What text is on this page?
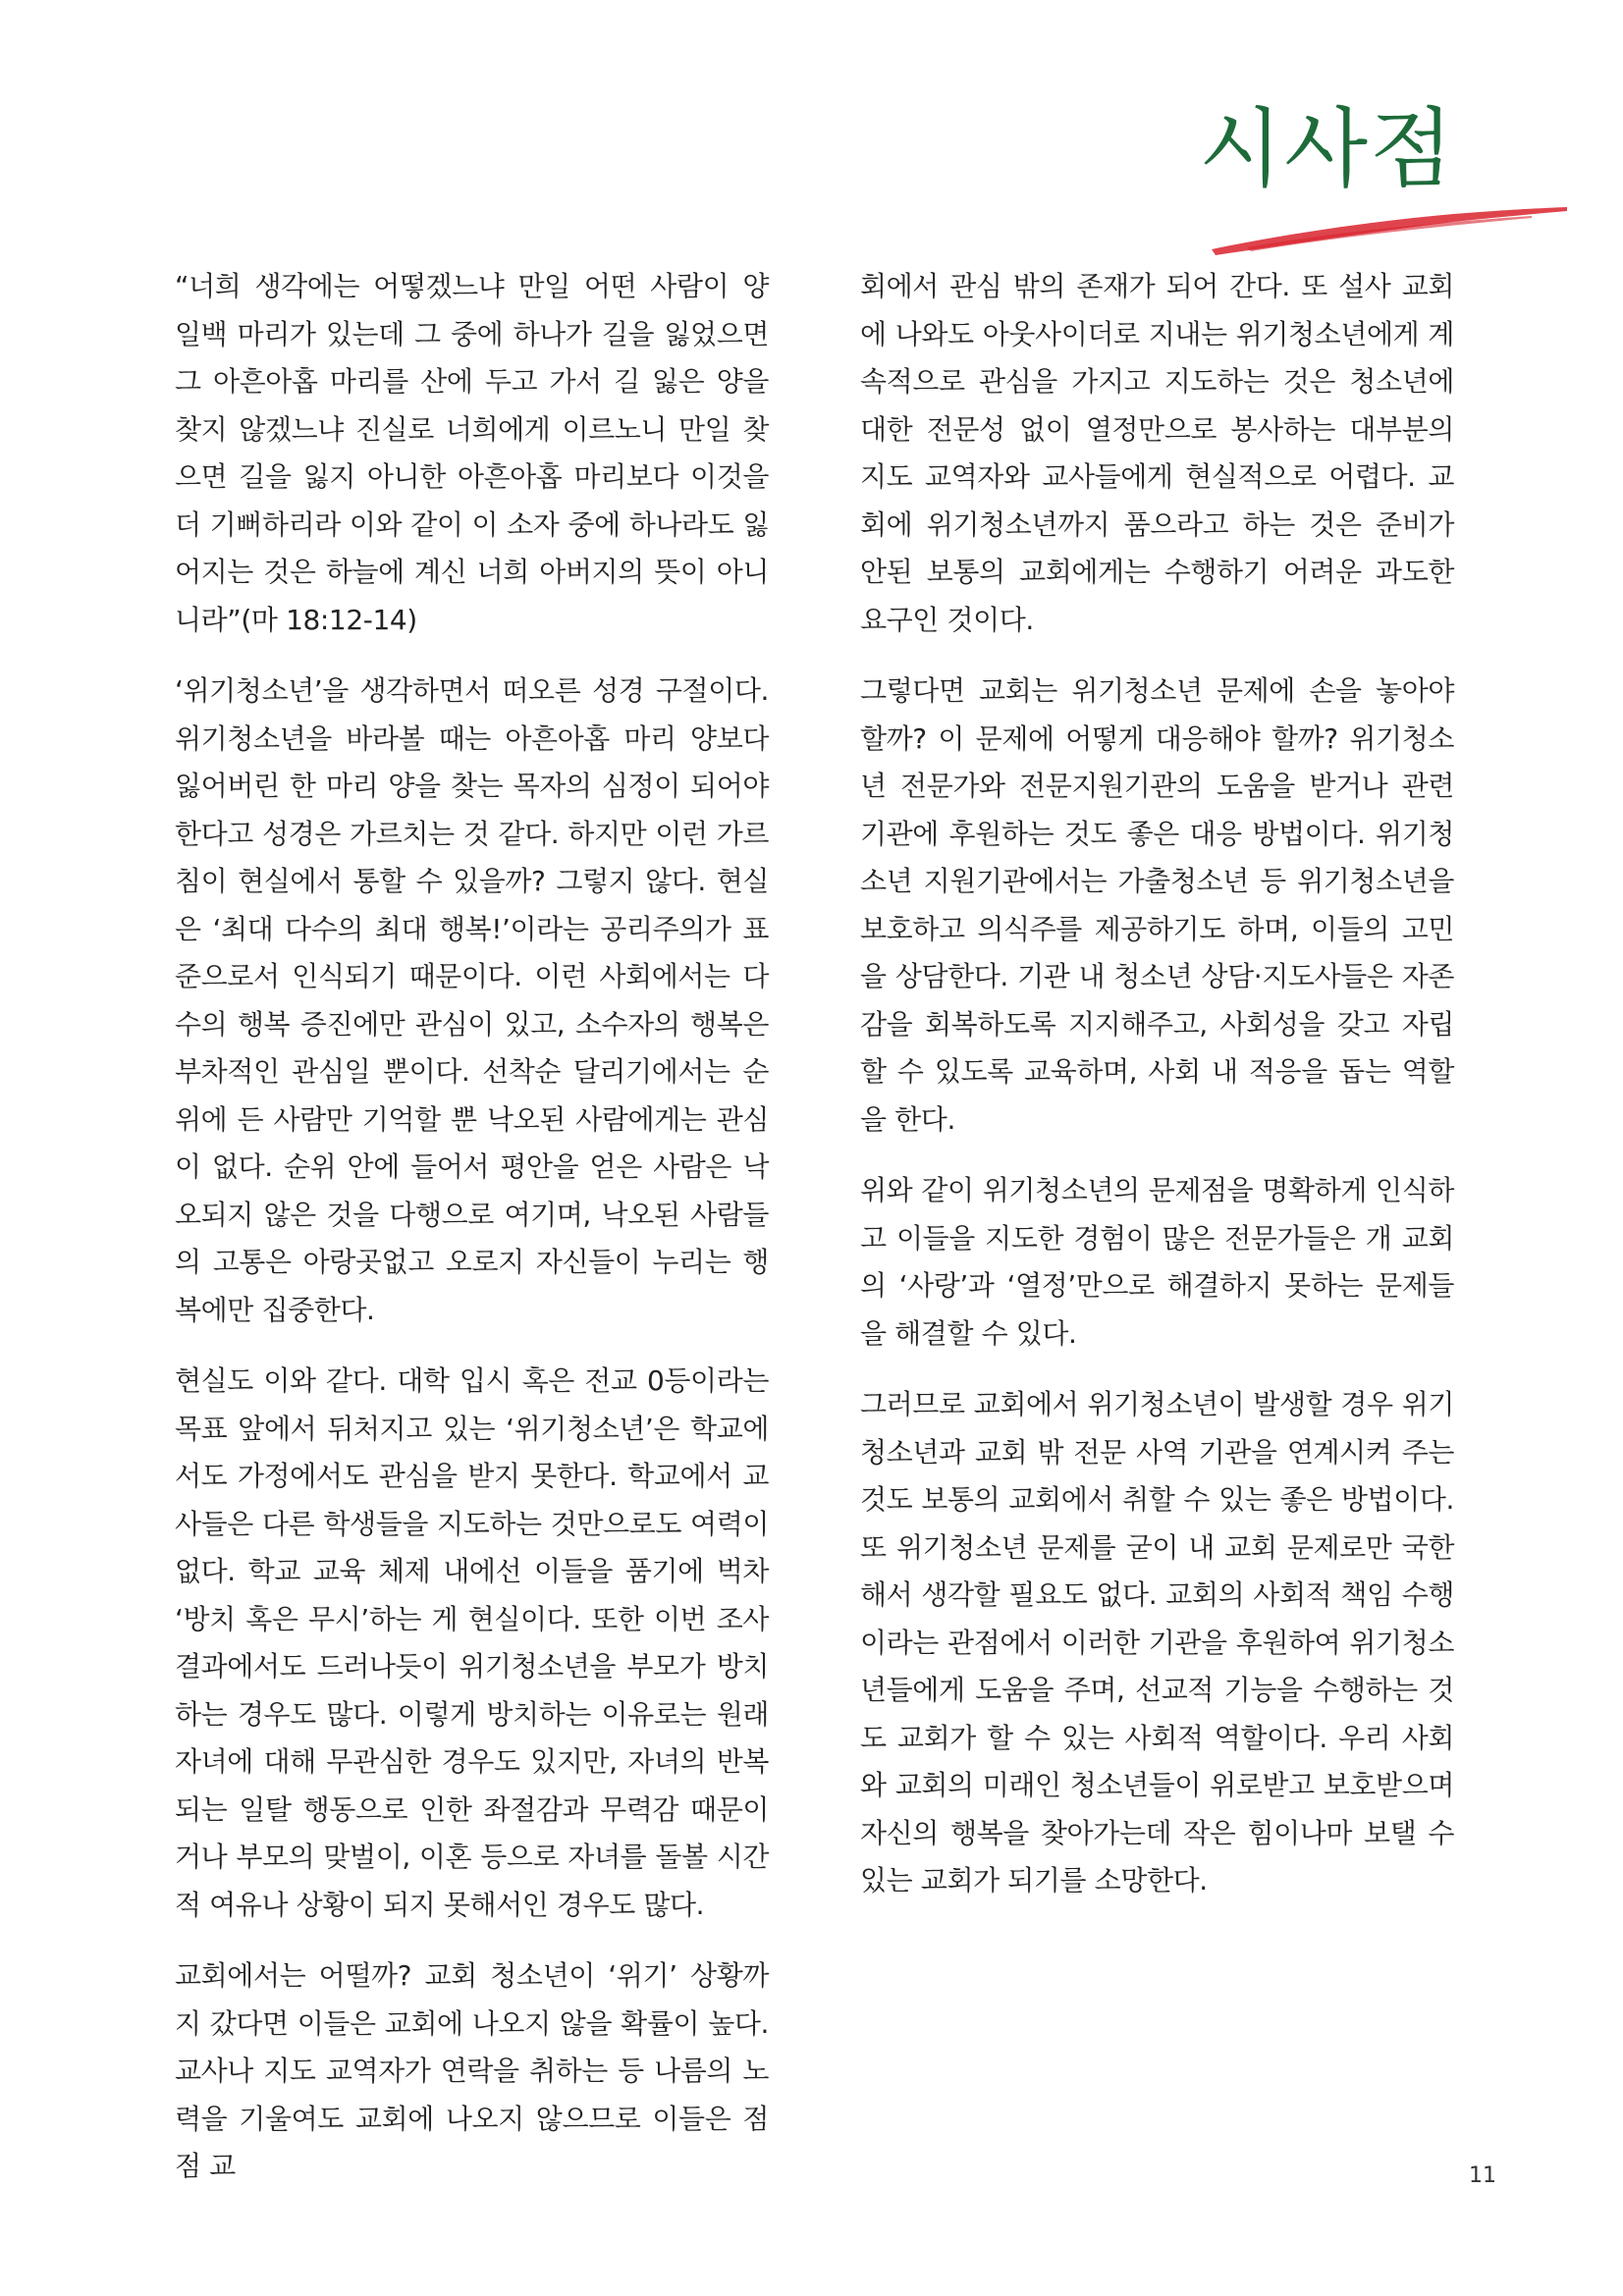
시사점

“너희 생각에는 어떻겠느냐 만일 어떤 사람이 양 일백 마리가 있는데 그 중에 하나가 길을 잃었으면 그 아흔아홉 마리를 산에 두고 가서 길 잃은 양을 찾지 않겠느냐 진실로 너희에게 이르노니 만일 찾으면 길을 잃지 아니한 아흔아홉 마리보다 이것을 더 기뻐하리라 이와 같이 이 소자 중에 하나라도 잃어지는 것은 하늘에 계신 너희 아버지의 뜻이 아니니라”(마 18:12-14)

‘위기청소년’을 생각하면서 떠오른 성경 구절이다. 위기청소년을 바라볼 때는 아흔아홉 마리 양보다 잃어버린 한 마리 양을 찾는 목자의 심정이 되어야 한다고 성경은 가르치는 것 같다. 하지만 이런 가르침이 현실에서 통할 수 있을까? 그렇지 않다. 현실은 ‘최대 다수의 최대 행복!’이라는 공리주의가 표준으로서 인식되기 때문이다. 이런 사회에서는 다수의 행복 증진에만 관심이 있고, 소수자의 행복은 부차적인 관심일 뿐이다. 선착순 달리기에서는 순위에 든 사람만 기억할 뿐 낙오된 사람에게는 관심이 없다. 순위 안에 들어서 평안을 얻은 사람은 낙오되지 않은 것을 다행으로 여기며, 낙오된 사람들의 고통은 아랑곳없고 오로지 자신들이 누리는 행복에만 집중한다.

현실도 이와 같다. 대학 입시 혹은 전교 0등이라는 목표 앞에서 뒤처지고 있는 ‘위기청소년’은 학교에서도 가정에서도 관심을 받지 못한다. 학교에서 교사들은 다른 학생들을 지도하는 것만으로도 여력이 없다. 학교 교육 체제 내에선 이들을 품기에 벅차 ‘방치 혹은 무시’하는 게 현실이다. 또한 이번 조사 결과에서도 드러나듯이 위기청소년을 부모가 방치하는 경우도 많다. 이렇게 방치하는 이유로는 원래 자녀에 대해 무관심한 경우도 있지만, 자녀의 반복되는 일탈 행동으로 인한 좌절감과 무력감 때문이거나 부모의 맞벌이, 이혼 등으로 자녀를 돌볼 시간적 여유나 상황이 되지 못해서인 경우도 많다.

교회에서는 어떨까? 교회 청소년이 ‘위기’ 상황까지 갔다면 이들은 교회에 나오지 않을 확률이 높다. 교사나 지도 교역자가 연락을 취하는 등 나름의 노력을 기울여도 교회에 나오지 않으므로 이들은 점점 교

회에서 관심 밖의 존재가 되어 간다. 또 설사 교회에 나와도 아웃사이더로 지내는 위기청소년에게 계속적으로 관심을 가지고 지도하는 것은 청소년에 대한 전문성 없이 열정만으로 봉사하는 대부분의 지도 교역자와 교사들에게 현실적으로 어렵다. 교회에 위기청소년까지 품으라고 하는 것은 준비가 안된 보통의 교회에게는 수행하기 어려운 과도한 요구인 것이다.

그렇다면 교회는 위기청소년 문제에 손을 놓아야 할까? 이 문제에 어떻게 대응해야 할까? 위기청소년 전문가와 전문지원기관의 도움을 받거나 관련 기관에 후원하는 것도 좋은 대응 방법이다. 위기청소년 지원기관에서는 가출청소년 등 위기청소년을 보호하고 의식주를 제공하기도 하며, 이들의 고민을 상담한다. 기관 내 청소년 상담·지도사들은 자존감을 회복하도록 지지해주고, 사회성을 갖고 자립할 수 있도록 교육하며, 사회 내 적응을 돕는 역할을 한다.

위와 같이 위기청소년의 문제점을 명확하게 인식하고 이들을 지도한 경험이 많은 전문가들은 개 교회의 ‘사랑’과 ‘열정’만으로 해결하지 못하는 문제들을 해결할 수 있다.

그러므로 교회에서 위기청소년이 발생할 경우 위기청소년과 교회 밖 전문 사역 기관을 연계시켜 주는 것도 보통의 교회에서 취할 수 있는 좋은 방법이다. 또 위기청소년 문제를 굳이 내 교회 문제로만 국한해서 생각할 필요도 없다. 교회의 사회적 책임 수행이라는 관점에서 이러한 기관을 후원하여 위기청소년들에게 도움을 주며, 선교적 기능을 수행하는 것도 교회가 할 수 있는 사회적 역할이다. 우리 사회와 교회의 미래인 청소년들이 위로받고 보호받으며 자신의 행복을 찾아가는데 작은 힘이나마 보탤 수 있는 교회가 되기를 소망한다.

11
